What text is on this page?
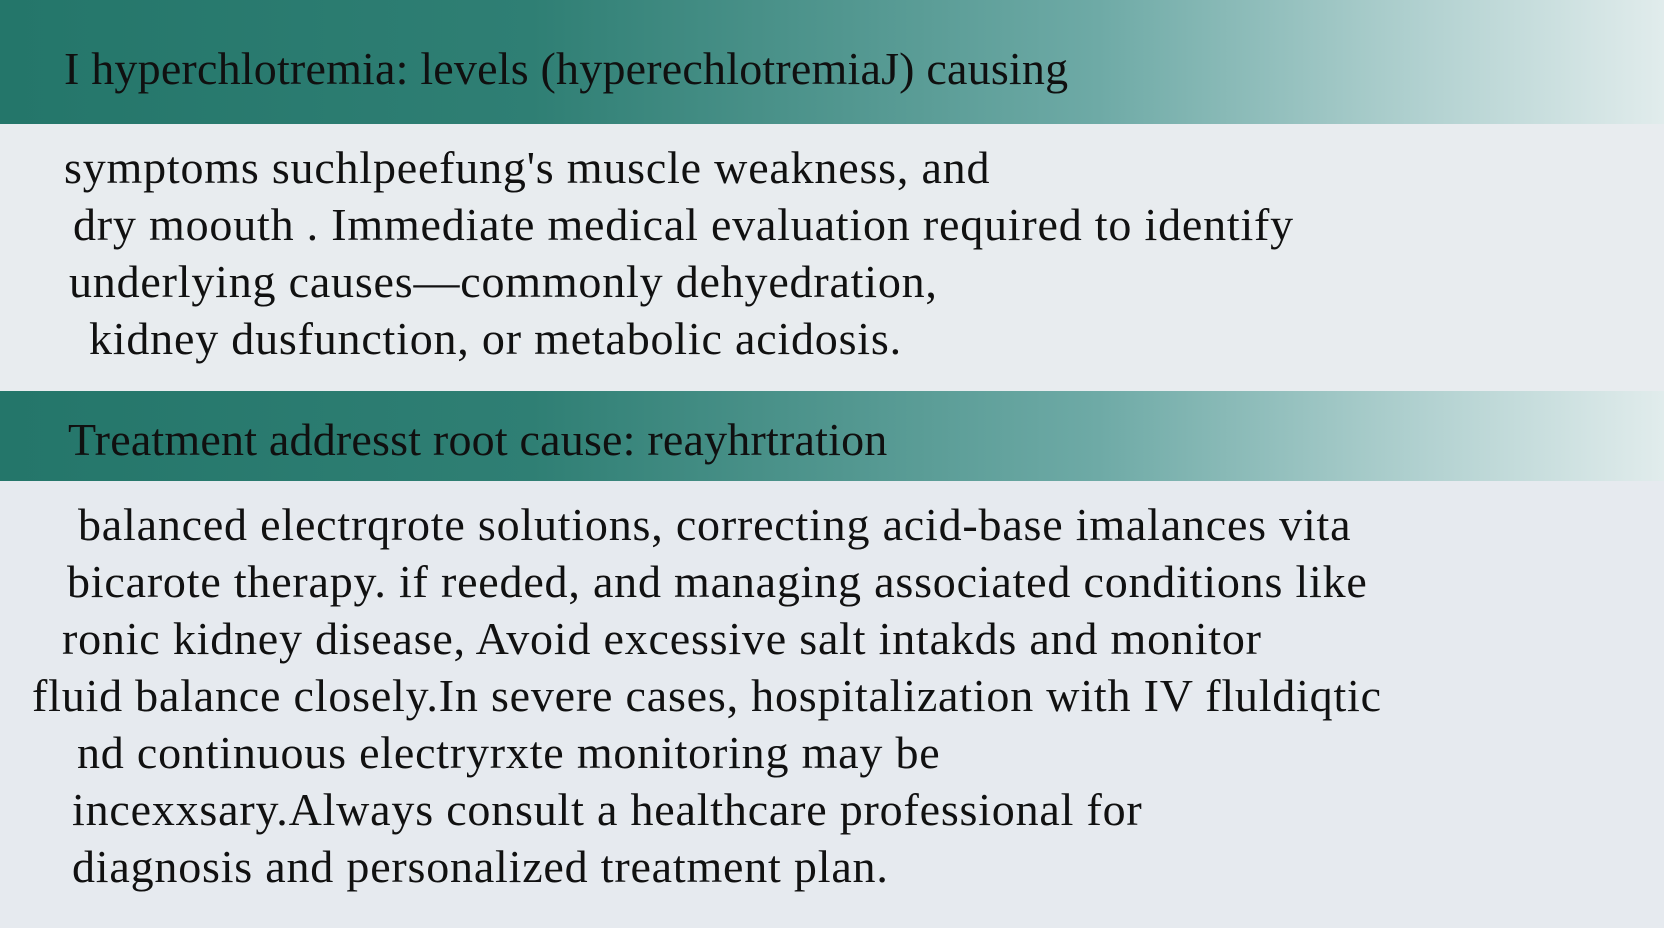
I hyperchlotremia: levels (hyperechlotremiaJ) causing
symptoms suchlpeefung's muscle weakness, and
dry moouth . Immediate medical evaluation required to identify
underlying causes—commonly dehyedration,
kidney dusfunction, or metabolic acidosis.
Treatment addresst root cause: reayhrtration
balanced electrqrote solutions, correcting acid-base imalances vita
bicarote therapy. if reeded, and managing associated conditions like
ronic kidney disease, Avoid excessive salt intakds and monitor
fluid balance closely.In severe cases, hospitalization with IV fluldiqtic
nd continuous electryrxte monitoring may be
incexxsary.Always consult a healthcare professional for
diagnosis and personalized treatment plan.
